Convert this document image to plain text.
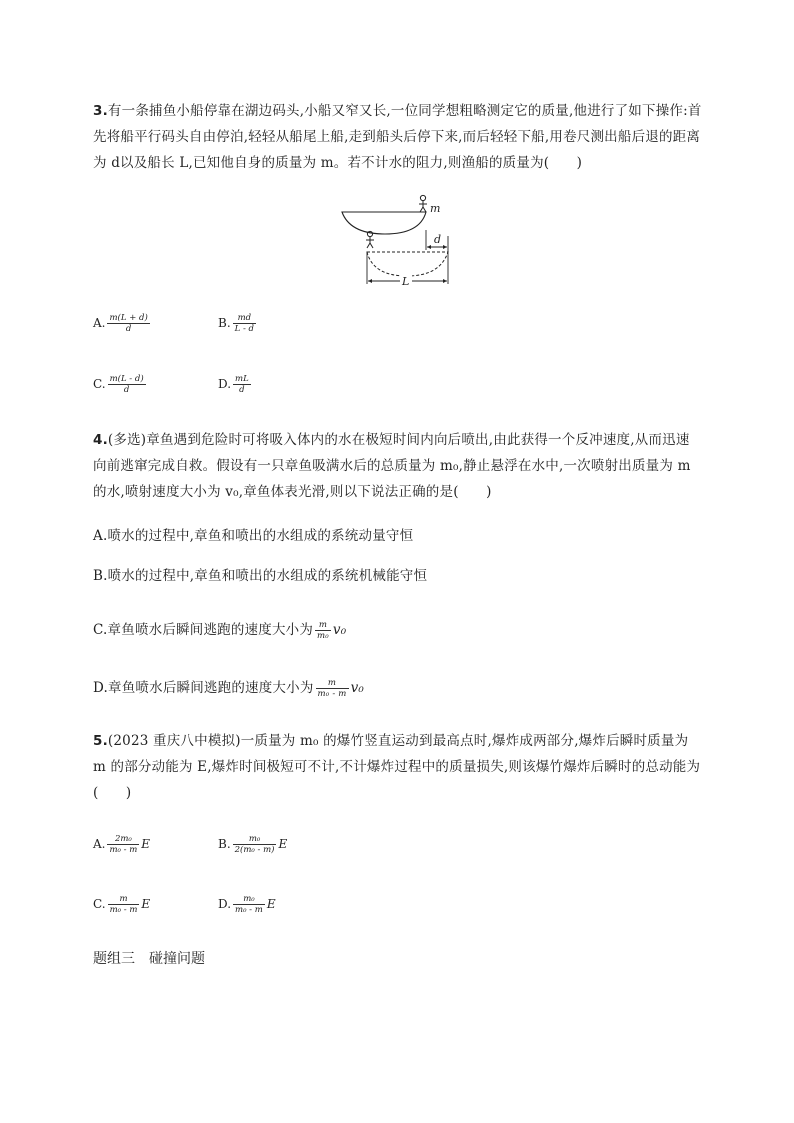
3.有一条捕鱼小船停靠在湖边码头,小船又窄又长,一位同学想粗略测定它的质量,他进行了如下操作:首先将船平行码头自由停泊,轻轻从船尾上船,走到船头后停下来,而后轻轻下船,用卷尺测出船后退的距离为 d以及船长 L,已知他自身的质量为 m。若不计水的阻力,则渔船的质量为(　　)
m
d
L
A. $\frac{m(L + d)}{d}$	B. $\frac{md}{L - d}$
C. $\frac{m(L - d)}{d}$	D. $\frac{mL}{d}$
4.(多选)章鱼遇到危险时可将吸入体内的水在极短时间内向后喷出,由此获得一个反冲速度,从而迅速向前逃窜完成自救。假设有一只章鱼吸满水后的总质量为 m₀,静止悬浮在水中,一次喷射出质量为 m 的水,喷射速度大小为 v₀,章鱼体表光滑,则以下说法正确的是(　　)
A.喷水的过程中,章鱼和喷出的水组成的系统动量守恒
B.喷水的过程中,章鱼和喷出的水组成的系统机械能守恒
C.章鱼喷水后瞬间逃跑的速度大小为 $\frac{m}{\text{m₀}} v_0$
D.章鱼喷水后瞬间逃跑的速度大小为 $\frac{m}{\text{m₀ - m}} v_0$
5.(2023 重庆八中模拟)一质量为 m₀ 的爆竹竖直运动到最高点时,爆炸成两部分,爆炸后瞬时质量为 m 的部分动能为 E,爆炸时间极短可不计,不计爆炸过程中的质量损失,则该爆竹爆炸后瞬时的总动能为(　　)
A. $\frac{\text{2m₀}}{\text{m₀ - m}}$ E	B. $\frac{\text{m₀}}{\text{2(m₀ - m)}}$ E
C. $\frac{m}{\text{m₀ - m}}$ E	D. $\frac{\text{m₀}}{\text{m₀ - m}}$ E
题组三　碰撞问题
